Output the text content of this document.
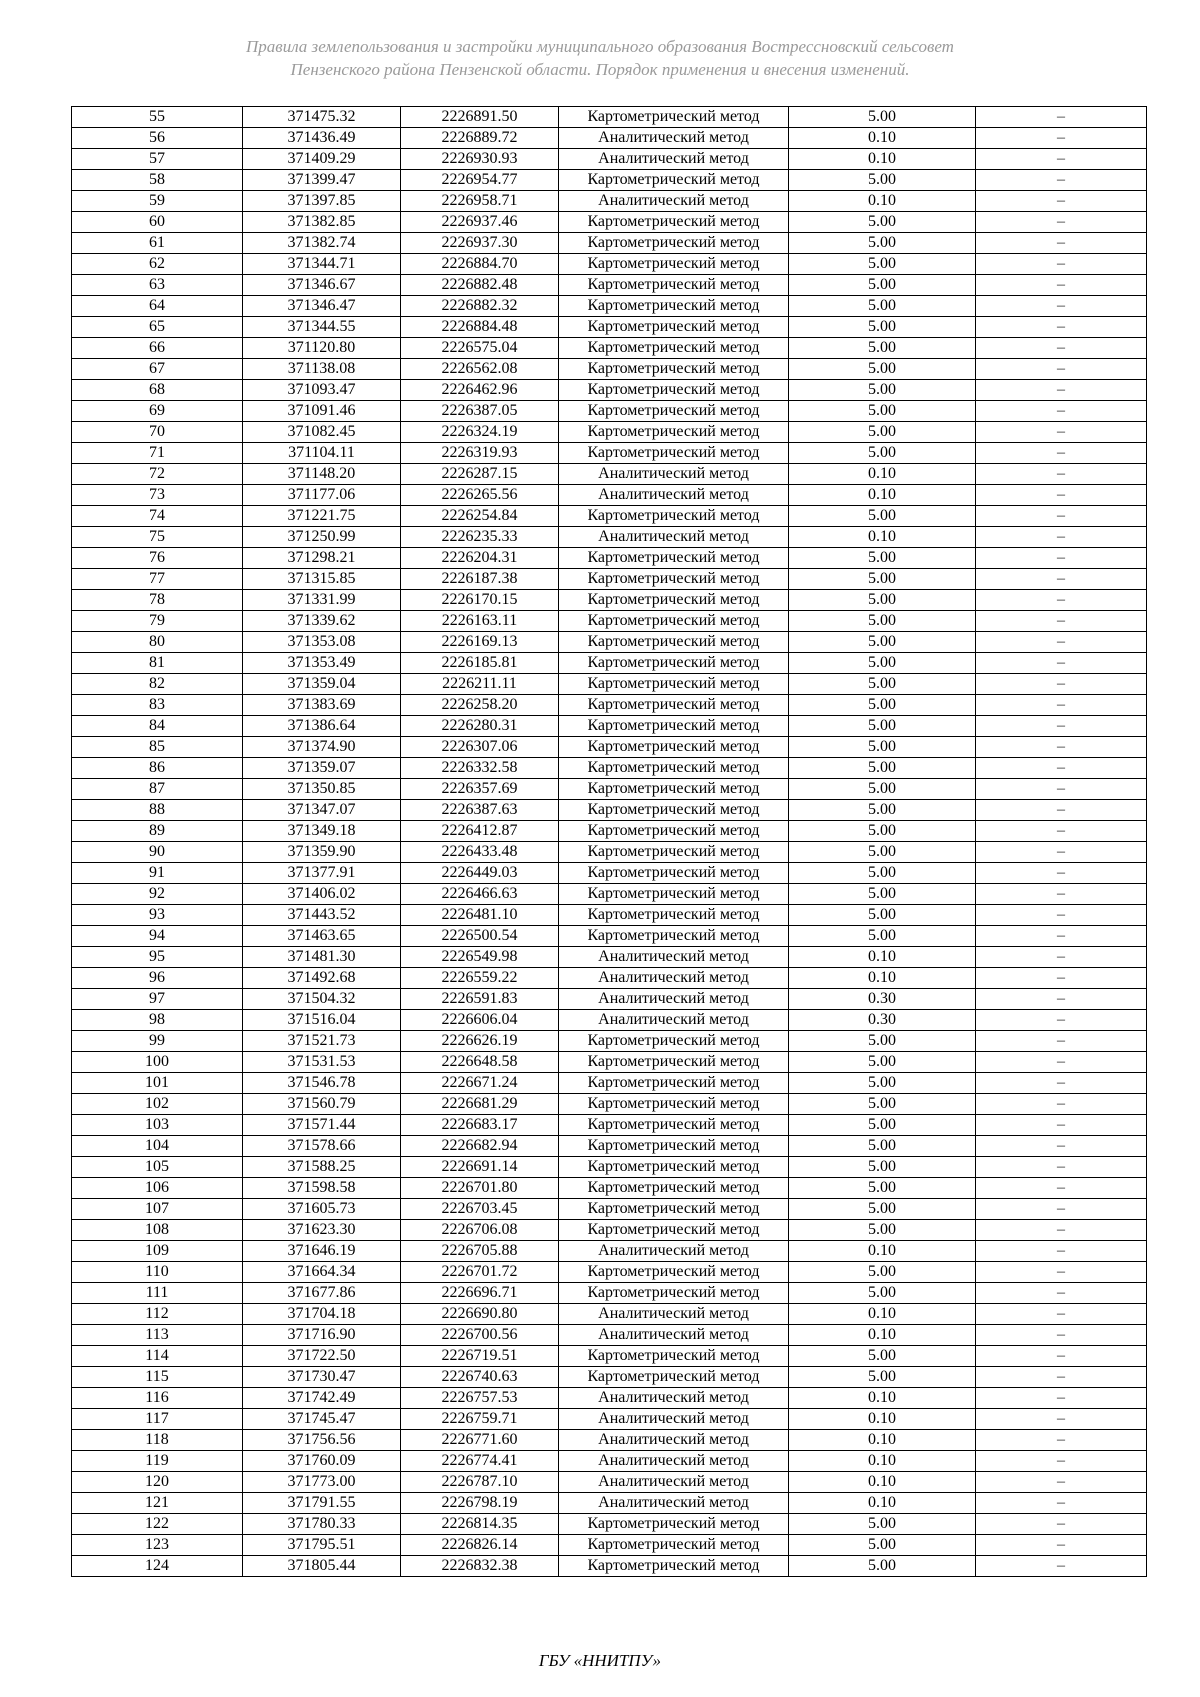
Правила землепользования и застройки муниципального образования Вострессновский сельсовет
Пензенского района Пензенской области. Порядок применения и внесения изменений.
55	371475.32	2226891.50	Картометрический метод	5.00	–
56	371436.49	2226889.72	Аналитический метод	0.10	–
57	371409.29	2226930.93	Аналитический метод	0.10	–
58	371399.47	2226954.77	Картометрический метод	5.00	–
59	371397.85	2226958.71	Аналитический метод	0.10	–
60	371382.85	2226937.46	Картометрический метод	5.00	–
61	371382.74	2226937.30	Картометрический метод	5.00	–
62	371344.71	2226884.70	Картометрический метод	5.00	–
63	371346.67	2226882.48	Картометрический метод	5.00	–
64	371346.47	2226882.32	Картометрический метод	5.00	–
65	371344.55	2226884.48	Картометрический метод	5.00	–
66	371120.80	2226575.04	Картометрический метод	5.00	–
67	371138.08	2226562.08	Картометрический метод	5.00	–
68	371093.47	2226462.96	Картометрический метод	5.00	–
69	371091.46	2226387.05	Картометрический метод	5.00	–
70	371082.45	2226324.19	Картометрический метод	5.00	–
71	371104.11	2226319.93	Картометрический метод	5.00	–
72	371148.20	2226287.15	Аналитический метод	0.10	–
73	371177.06	2226265.56	Аналитический метод	0.10	–
74	371221.75	2226254.84	Картометрический метод	5.00	–
75	371250.99	2226235.33	Аналитический метод	0.10	–
76	371298.21	2226204.31	Картометрический метод	5.00	–
77	371315.85	2226187.38	Картометрический метод	5.00	–
78	371331.99	2226170.15	Картометрический метод	5.00	–
79	371339.62	2226163.11	Картометрический метод	5.00	–
80	371353.08	2226169.13	Картометрический метод	5.00	–
81	371353.49	2226185.81	Картометрический метод	5.00	–
82	371359.04	2226211.11	Картометрический метод	5.00	–
83	371383.69	2226258.20	Картометрический метод	5.00	–
84	371386.64	2226280.31	Картометрический метод	5.00	–
85	371374.90	2226307.06	Картометрический метод	5.00	–
86	371359.07	2226332.58	Картометрический метод	5.00	–
87	371350.85	2226357.69	Картометрический метод	5.00	–
88	371347.07	2226387.63	Картометрический метод	5.00	–
89	371349.18	2226412.87	Картометрический метод	5.00	–
90	371359.90	2226433.48	Картометрический метод	5.00	–
91	371377.91	2226449.03	Картометрический метод	5.00	–
92	371406.02	2226466.63	Картометрический метод	5.00	–
93	371443.52	2226481.10	Картометрический метод	5.00	–
94	371463.65	2226500.54	Картометрический метод	5.00	–
95	371481.30	2226549.98	Аналитический метод	0.10	–
96	371492.68	2226559.22	Аналитический метод	0.10	–
97	371504.32	2226591.83	Аналитический метод	0.30	–
98	371516.04	2226606.04	Аналитический метод	0.30	–
99	371521.73	2226626.19	Картометрический метод	5.00	–
100	371531.53	2226648.58	Картометрический метод	5.00	–
101	371546.78	2226671.24	Картометрический метод	5.00	–
102	371560.79	2226681.29	Картометрический метод	5.00	–
103	371571.44	2226683.17	Картометрический метод	5.00	–
104	371578.66	2226682.94	Картометрический метод	5.00	–
105	371588.25	2226691.14	Картометрический метод	5.00	–
106	371598.58	2226701.80	Картометрический метод	5.00	–
107	371605.73	2226703.45	Картометрический метод	5.00	–
108	371623.30	2226706.08	Картометрический метод	5.00	–
109	371646.19	2226705.88	Аналитический метод	0.10	–
110	371664.34	2226701.72	Картометрический метод	5.00	–
111	371677.86	2226696.71	Картометрический метод	5.00	–
112	371704.18	2226690.80	Аналитический метод	0.10	–
113	371716.90	2226700.56	Аналитический метод	0.10	–
114	371722.50	2226719.51	Картометрический метод	5.00	–
115	371730.47	2226740.63	Картометрический метод	5.00	–
116	371742.49	2226757.53	Аналитический метод	0.10	–
117	371745.47	2226759.71	Аналитический метод	0.10	–
118	371756.56	2226771.60	Аналитический метод	0.10	–
119	371760.09	2226774.41	Аналитический метод	0.10	–
120	371773.00	2226787.10	Аналитический метод	0.10	–
121	371791.55	2226798.19	Аналитический метод	0.10	–
122	371780.33	2226814.35	Картометрический метод	5.00	–
123	371795.51	2226826.14	Картометрический метод	5.00	–
124	371805.44	2226832.38	Картометрический метод	5.00	–
ГБУ «ННИТПУ»
